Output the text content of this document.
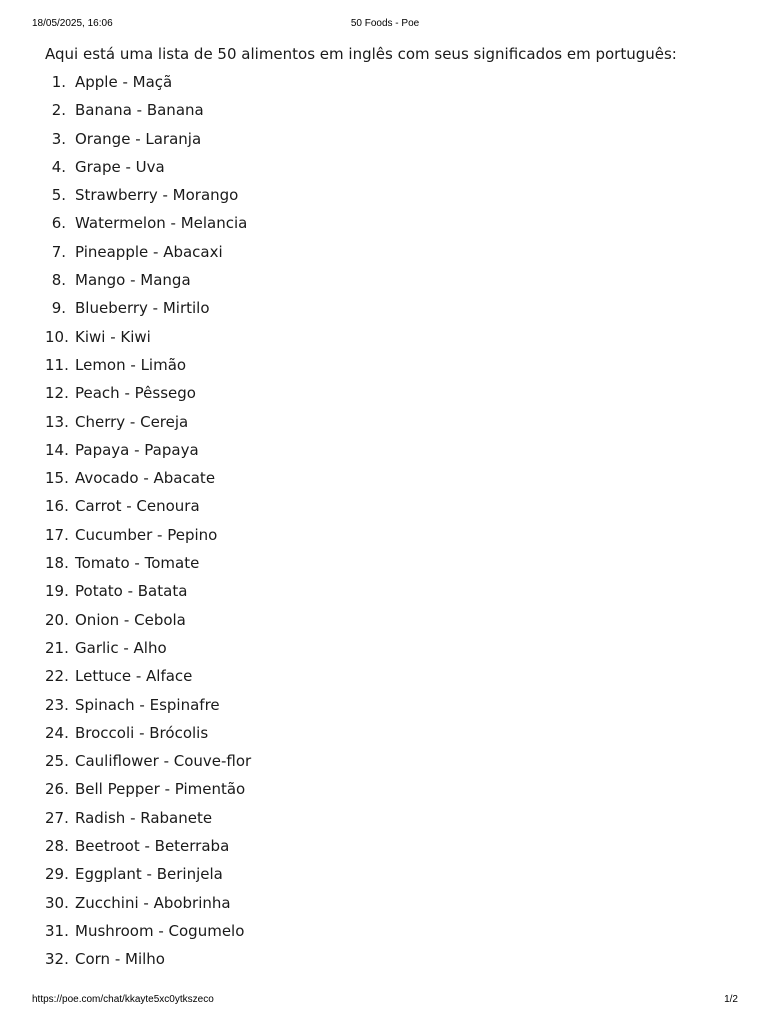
18/05/2025, 16:06	50 Foods - Poe

Aqui está uma lista de 50 alimentos em inglês com seus significados em português:

1. Apple - Maçã
2. Banana - Banana
3. Orange - Laranja
4. Grape - Uva
5. Strawberry - Morango
6. Watermelon - Melancia
7. Pineapple - Abacaxi
8. Mango - Manga
9. Blueberry - Mirtilo
10. Kiwi - Kiwi
11. Lemon - Limão
12. Peach - Pêssego
13. Cherry - Cereja
14. Papaya - Papaya
15. Avocado - Abacate
16. Carrot - Cenoura
17. Cucumber - Pepino
18. Tomato - Tomate
19. Potato - Batata
20. Onion - Cebola
21. Garlic - Alho
22. Lettuce - Alface
23. Spinach - Espinafre
24. Broccoli - Brócolis
25. Cauliflower - Couve-flor
26. Bell Pepper - Pimentão
27. Radish - Rabanete
28. Beetroot - Beterraba
29. Eggplant - Berinjela
30. Zucchini - Abobrinha
31. Mushroom - Cogumelo
32. Corn - Milho
https://poe.com/chat/kkayte5xc0ytkszeco	1/2
